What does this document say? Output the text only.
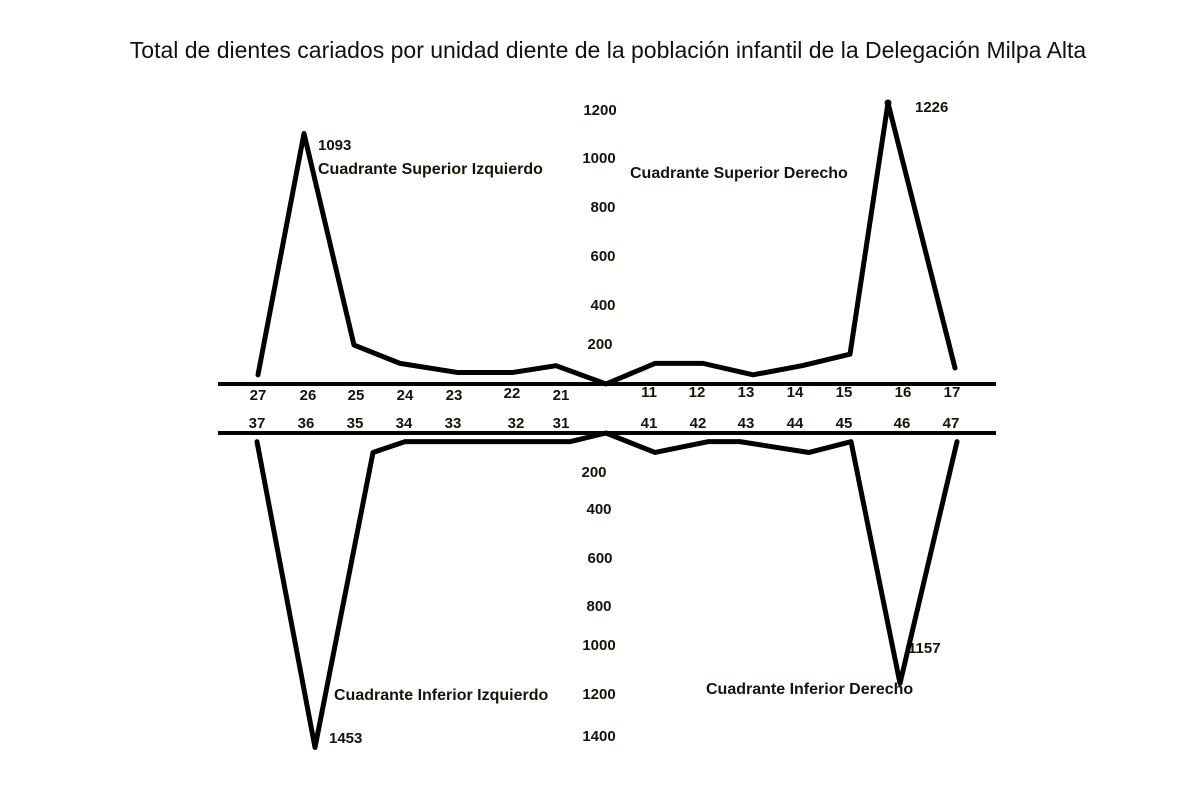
Total de dientes cariados por unidad diente de la población infantil de la Delegación Milpa Alta
200
400
600
800
1000
1200
200
400
600
800
1000
1200
1400
27 26 25 24 23	22 21	11 12 13 14 15	16 17
37 36 35 34 33	32 31	41 42 43 44 45	46 47
Cuadrante Superior Izquierdo	Cuadrante Superior Derecho
Cuadrante Inferior Izquierdo	Cuadrante Inferior Derecho
1093
1226
1453
1157
